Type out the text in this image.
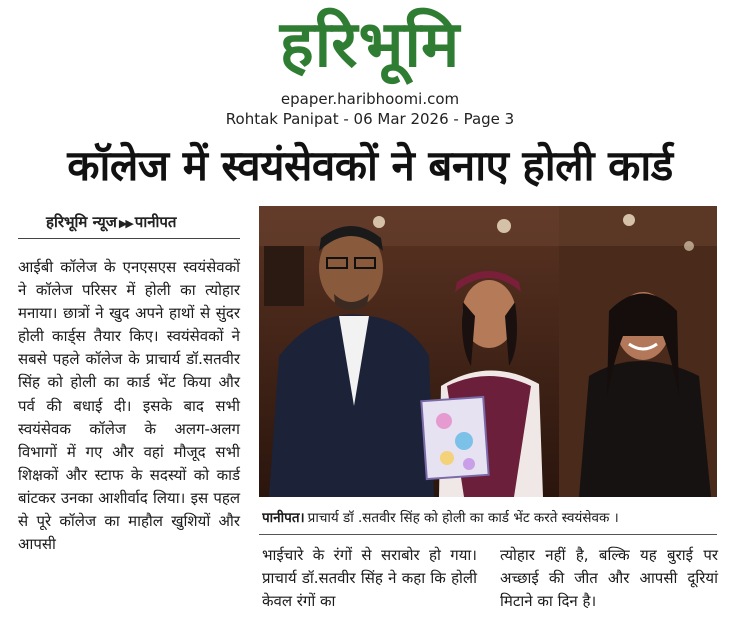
हरिभूमि
epaper.haribhoomi.com
Rohtak Panipat - 06 Mar 2026 - Page 3
कॉलेज में स्वयंसेवकों ने बनाए होली कार्ड
हरिभूमि न्यूज ▶▶ पानीपत
आईबी कॉलेज के एनएसएस स्वयंसेवकों ने कॉलेज परिसर में होली का त्योहार मनाया। छात्रों ने खुद अपने हाथों से सुंदर होली कार्ड्स तैयार किए। स्वयंसेवकों ने सबसे पहले कॉलेज के प्राचार्य डॉ.सतवीर सिंह को होली का कार्ड भेंट किया और पर्व की बधाई दी। इसके बाद सभी स्वयंसेवक कॉलेज के अलग-अलग विभागों में गए और वहां मौजूद सभी शिक्षकों और स्टाफ के सदस्यों को कार्ड बांटकर उनका आशीर्वाद लिया। इस पहल से पूरे कॉलेज का माहौल खुशियों और आपसी
पानीपत। प्राचार्य डॉ .सतवीर सिंह को होली का कार्ड भेंट करते स्वयंसेवक ।
भाईचारे के रंगों से सराबोर हो गया। प्राचार्य डॉ.सतवीर सिंह ने कहा कि होली केवल रंगों का
त्योहार नहीं है, बल्कि यह बुराई पर अच्छाई की जीत और आपसी दूरियां मिटाने का दिन है।
